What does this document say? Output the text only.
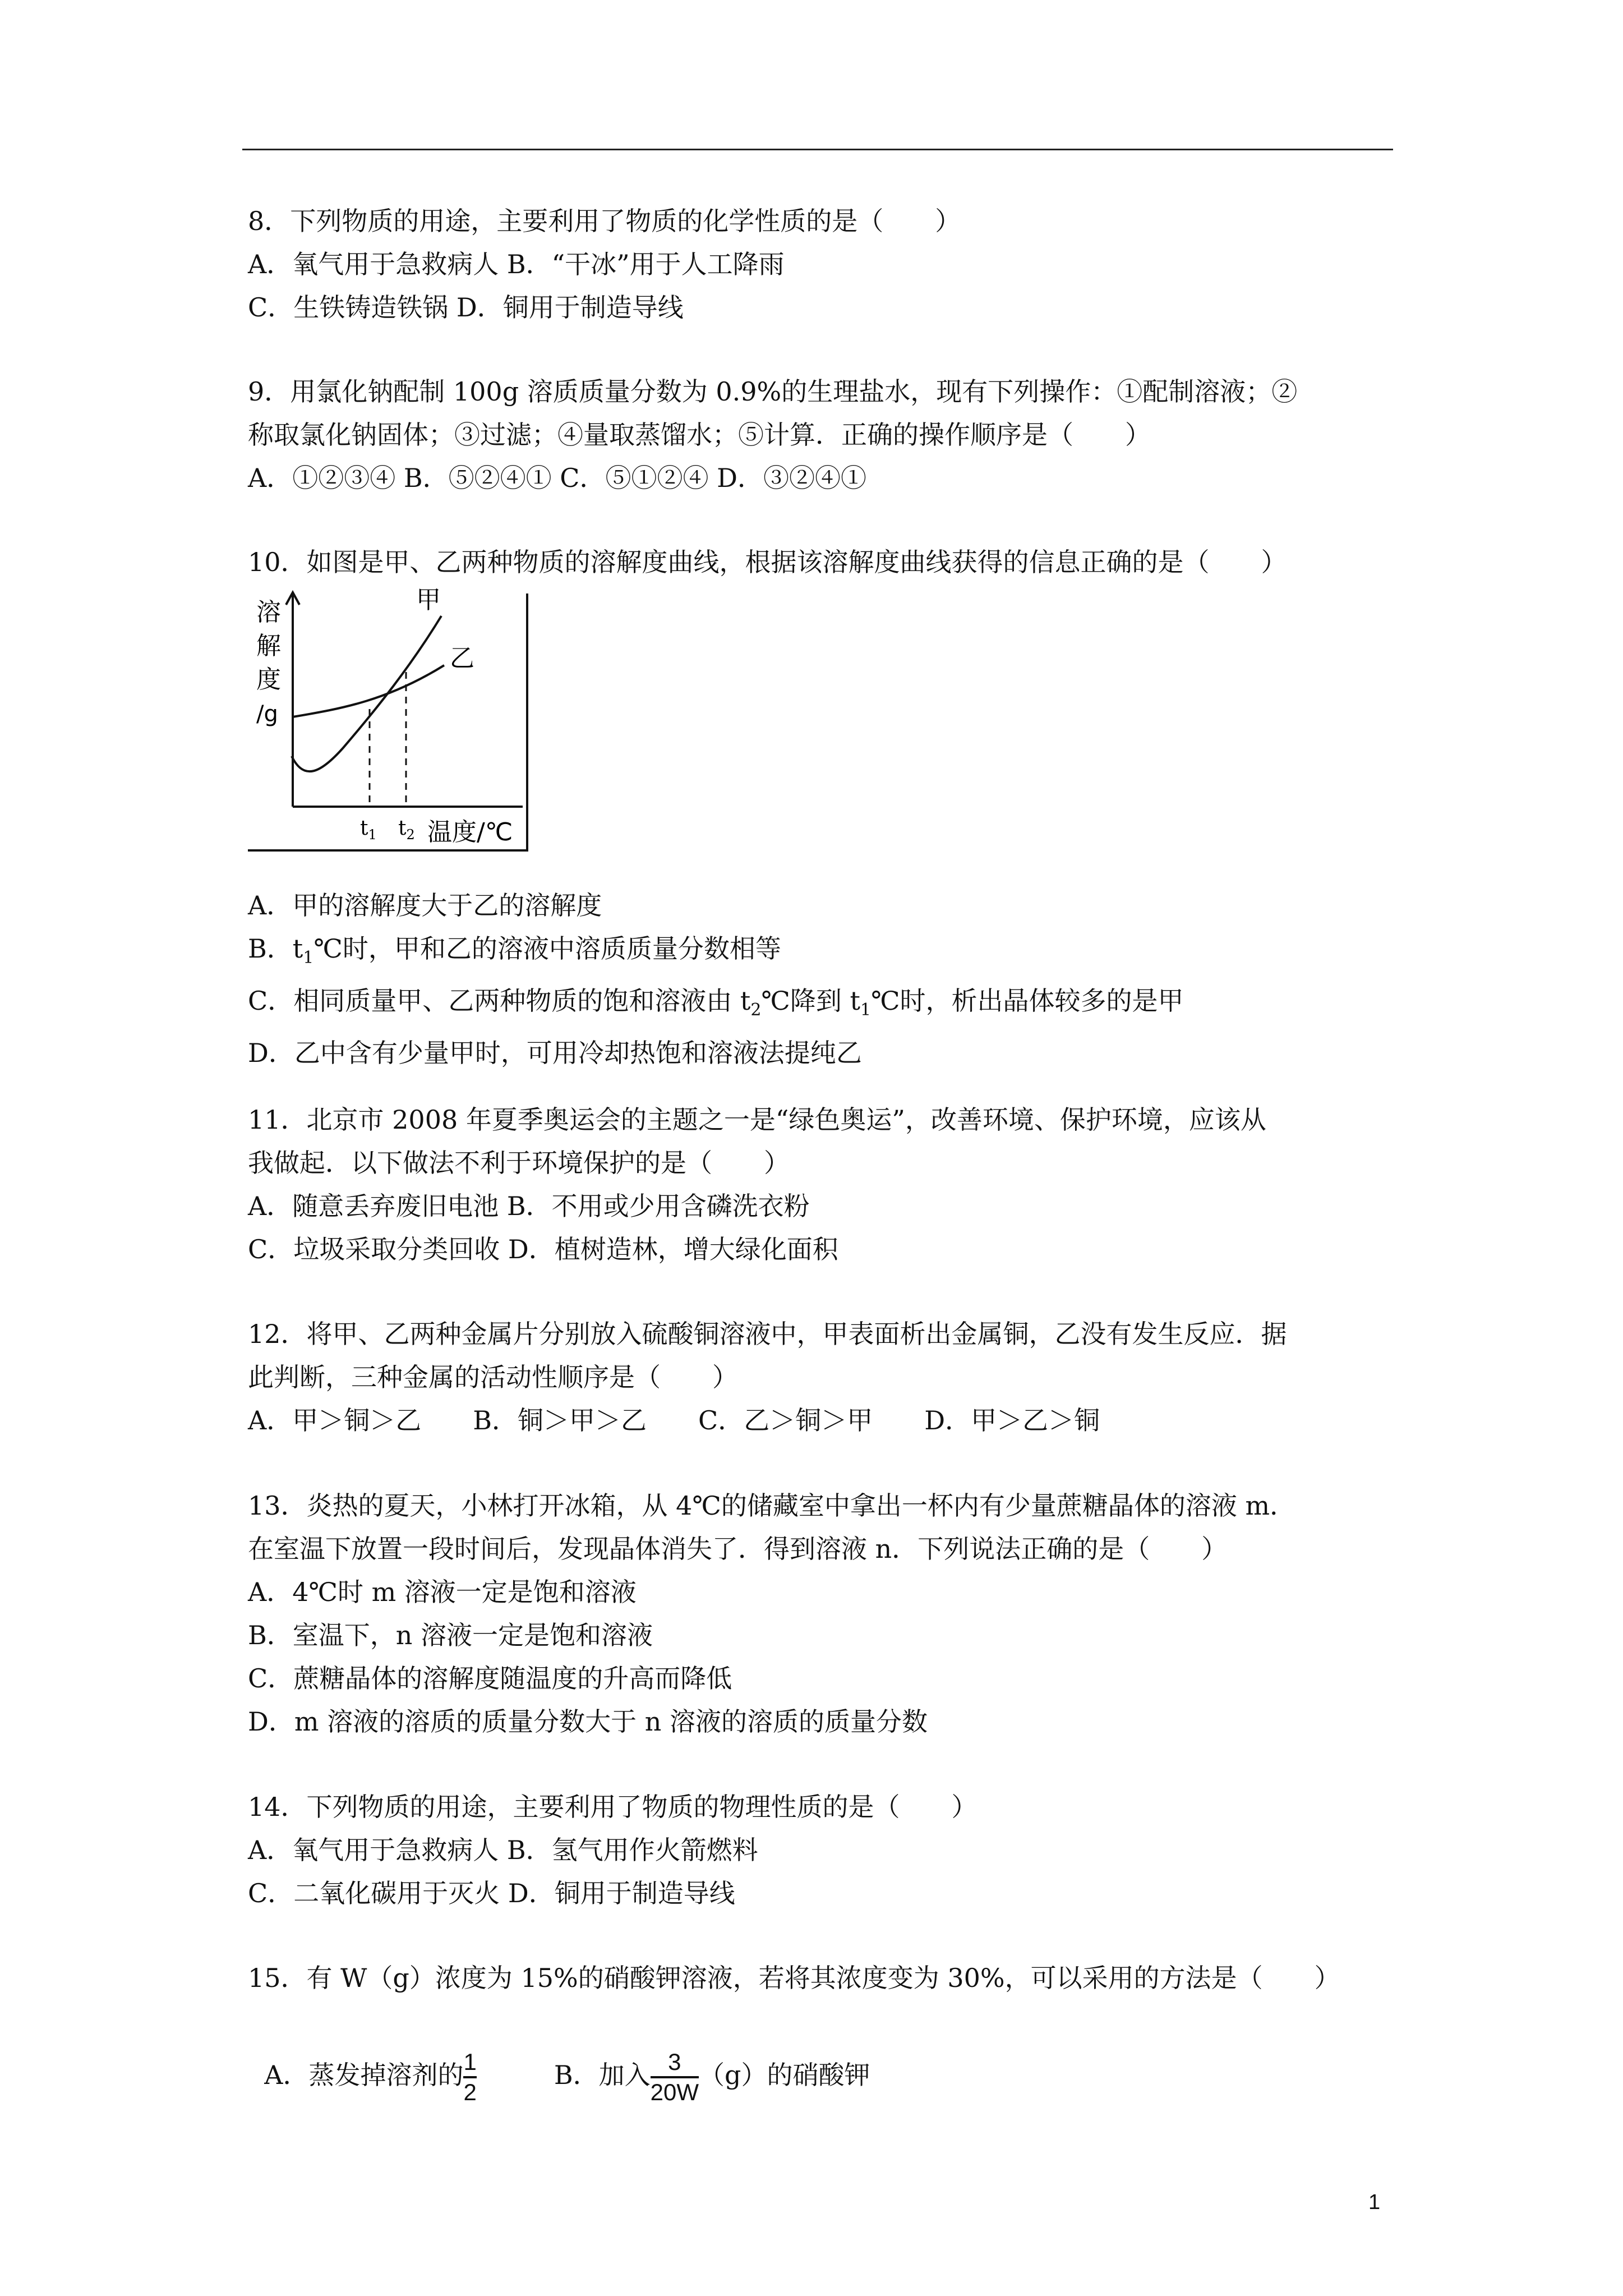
8．下列物质的用途，主要利用了物质的化学性质的是（　　）

A．氧气用于急救病人 B．“干冰”用于人工降雨

C．生铁铸造铁锅 D．铜用于制造导线

9．用氯化钠配制 100g 溶质质量分数为 0.9%的生理盐水，现有下列操作：①配制溶液；②

称取氯化钠固体；③过滤；④量取蒸馏水；⑤计算．正确的操作顺序是（　　）

A．①②③④ B．⑤②④① C．⑤①②④ D．③②④①

10．如图是甲、乙两种物质的溶解度曲线，根据该溶解度曲线获得的信息正确的是（　　）

溶
解
度
/g
甲
乙
$t_1$ $t_2$ 温度/℃

A．甲的溶解度大于乙的溶解度

B．$t_1℃$时，甲和乙的溶液中溶质质量分数相等

C．相同质量甲、乙两种物质的饱和溶液由 $t_2℃$降到 $t_1℃$时，析出晶体较多的是甲

D．乙中含有少量甲时，可用冷却热饱和溶液法提纯乙

11．北京市 2008 年夏季奥运会的主题之一是“绿色奥运”，改善环境、保护环境，应该从

我做起．以下做法不利于环境保护的是（　　）

A．随意丢弃废旧电池 B．不用或少用含磷洗衣粉

C．垃圾采取分类回收 D．植树造林，增大绿化面积

12．将甲、乙两种金属片分别放入硫酸铜溶液中，甲表面析出金属铜，乙没有发生反应．据

此判断，三种金属的活动性顺序是（　　）

A．甲＞铜＞乙　　B．铜＞甲＞乙　　C．乙＞铜＞甲　　D．甲＞乙＞铜

13．炎热的夏天，小林打开冰箱，从 4℃的储藏室中拿出一杯内有少量蔗糖晶体的溶液 m．

在室温下放置一段时间后，发现晶体消失了．得到溶液 n．下列说法正确的是（　　）

A．4℃时 m 溶液一定是饱和溶液

B．室温下，n 溶液一定是饱和溶液

C．蔗糖晶体的溶解度随温度的升高而降低

D．m 溶液的溶质的质量分数大于 n 溶液的溶质的质量分数

14．下列物质的用途，主要利用了物质的物理性质的是（　　）

A．氧气用于急救病人 B．氢气用作火箭燃料

C．二氧化碳用于灭火 D．铜用于制造导线

15．有 W（g）浓度为 15%的硝酸钾溶液，若将其浓度变为 30%，可以采用的方法是（　　）

A．蒸发掉溶剂的 $\frac{1}{2}$
　　　	B．加入 $\frac{3}{20W} (g)$的硝酸钾

1
